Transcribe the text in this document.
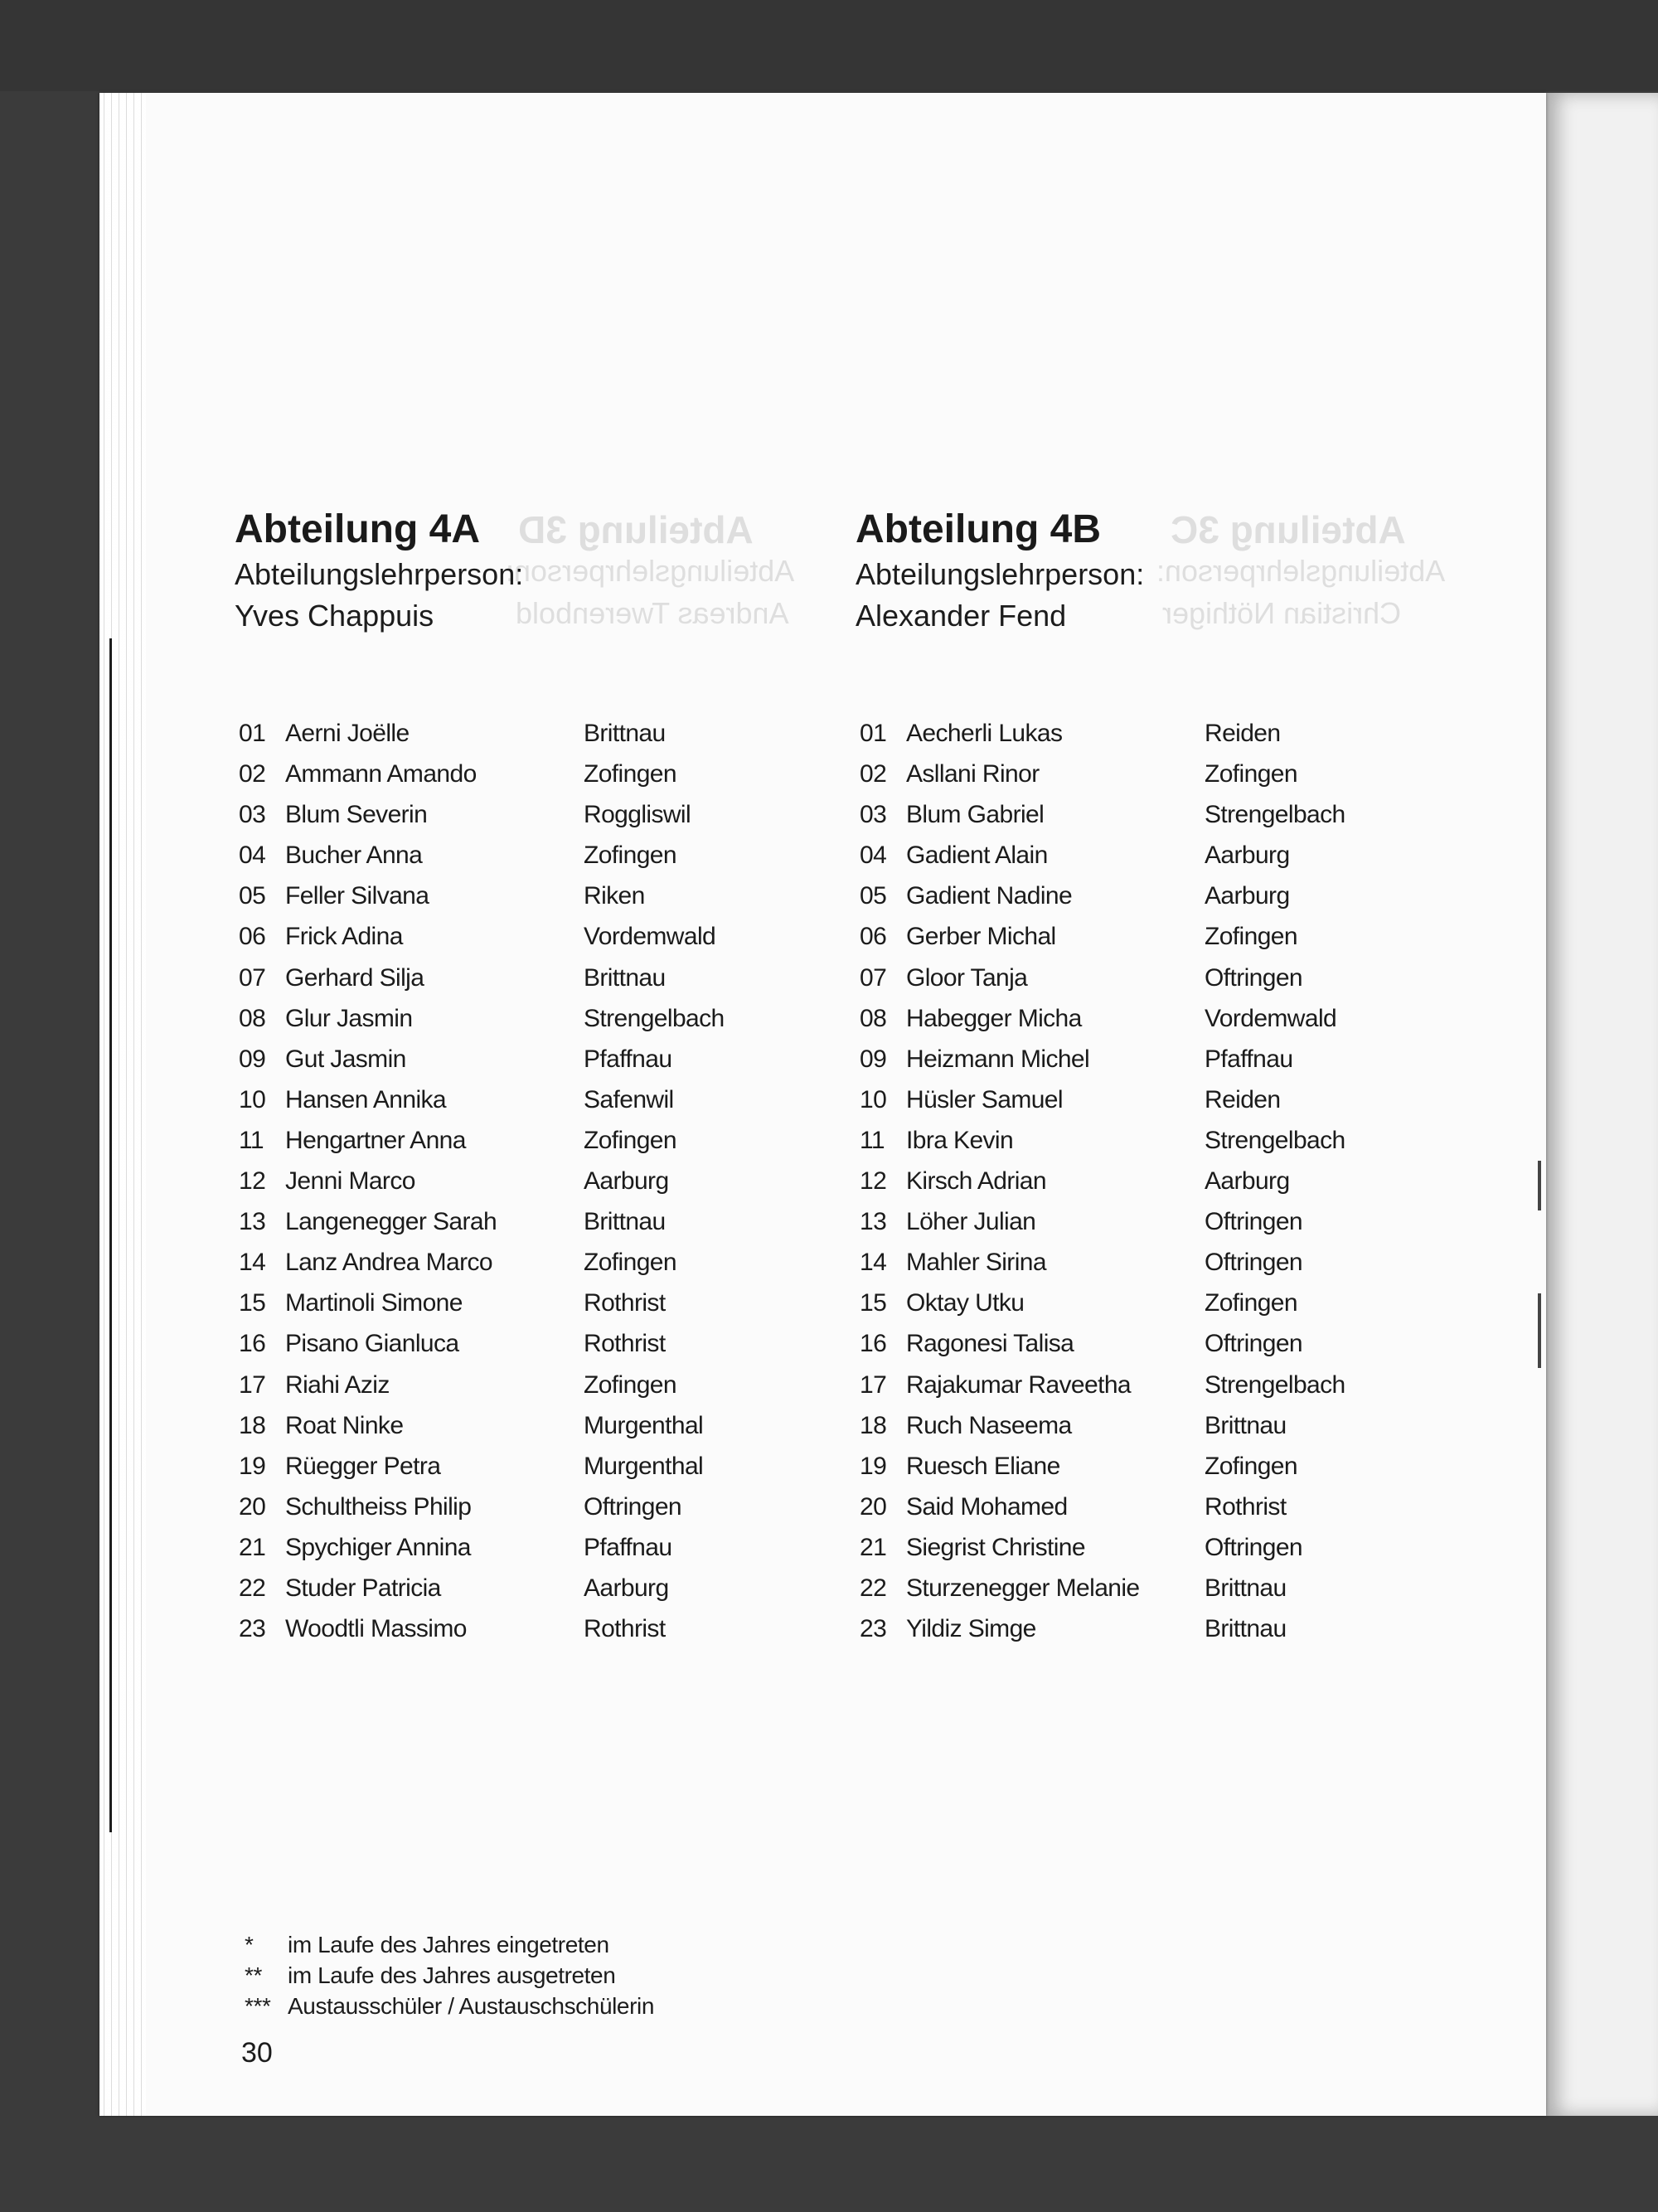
Abteilung 3D
Abteilungslehrperson:
Andreas Twerenbold
Abteilung 3C
Abteilungslehrperson:
Christian Nöthiger
Abteilung 4A
Abteilungslehrperson:
Yves Chappuis
01 Aerni Joëlle	Brittnau
02 Ammann Amando	Zofingen
03 Blum Severin	Roggliswil
04 Bucher Anna	Zofingen
05 Feller Silvana	Riken
06 Frick Adina	Vordemwald
07 Gerhard Silja	Brittnau
08 Glur Jasmin	Strengelbach
09 Gut Jasmin	Pfaffnau
10 Hansen Annika	Safenwil
11 Hengartner Anna	Zofingen
12 Jenni Marco	Aarburg
13 Langenegger Sarah	Brittnau
14 Lanz Andrea Marco	Zofingen
15 Martinoli Simone	Rothrist
16 Pisano Gianluca	Rothrist
17 Riahi Aziz	Zofingen
18 Roat Ninke	Murgenthal
19 Rüegger Petra	Murgenthal
20 Schultheiss Philip	Oftringen
21 Spychiger Annina	Pfaffnau
22 Studer Patricia	Aarburg
23 Woodtli Massimo	Rothrist
Abteilung 4B
Abteilungslehrperson:
Alexander Fend
01 Aecherli Lukas	Reiden
02 Asllani Rinor	Zofingen
03 Blum Gabriel	Strengelbach
04 Gadient Alain	Aarburg
05 Gadient Nadine	Aarburg
06 Gerber Michal	Zofingen
07 Gloor Tanja	Oftringen
08 Habegger Micha	Vordemwald
09 Heizmann Michel	Pfaffnau
10 Hüsler Samuel	Reiden
11 Ibra Kevin	Strengelbach
12 Kirsch Adrian	Aarburg
13 Löher Julian	Oftringen
14 Mahler Sirina	Oftringen
15 Oktay Utku	Zofingen
16 Ragonesi Talisa	Oftringen
17 Rajakumar Raveetha	Strengelbach
18 Ruch Naseema	Brittnau
19 Ruesch Eliane	Zofingen
20 Said Mohamed	Rothrist
21 Siegrist Christine	Oftringen
22 Sturzenegger Melanie	Brittnau
23 Yildiz Simge	Brittnau
*	im Laufe des Jahres eingetreten
**	im Laufe des Jahres ausgetreten
*** Austausschüler / Austauschschülerin
30
